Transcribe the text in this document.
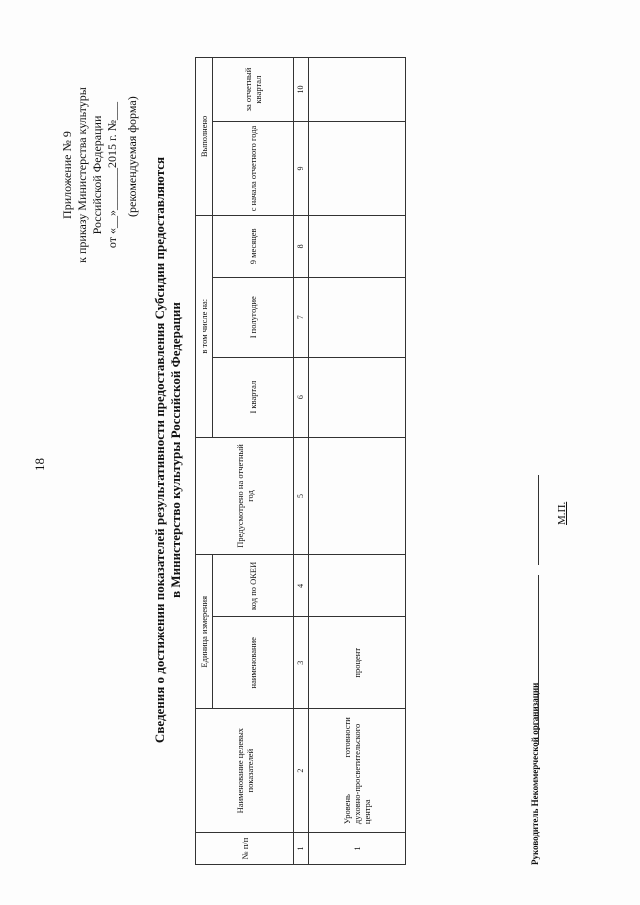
18
Приложение № 9 к приказу Министерства культуры Российской Федерации от «__»_______2015 г. №___ (рекомендуемая форма)
Сведения о достижении показателей результативности предоставления Субсидии предоставляются в Министерство культуры Российской Федерации
№ п/п	Наименование целевых показателей	Единица измерения		Предусмотрено на отчетный год	в том числе на:			Выполнено	
		наименование	код по ОКЕИ		I квартал	I полугодие	9 месяцев	с начала отчетного года	за отчетный квартал
1	2	3	4	5	6	7	8	9	10
1	Уровень готовности духовно-просветительского центра	процент							
Руководитель Некоммерческой организации
М.П.
